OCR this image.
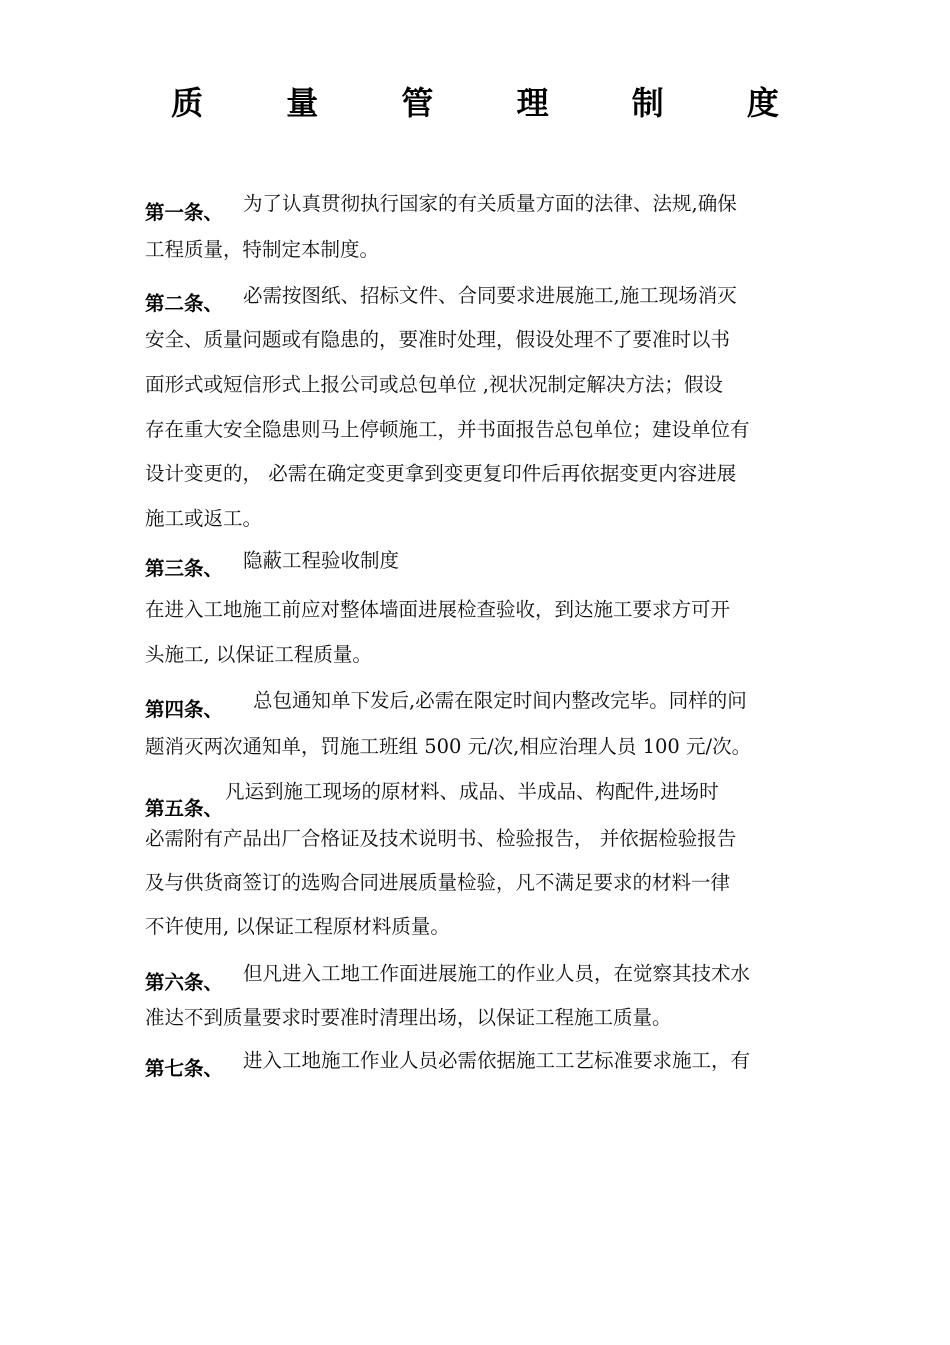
质 量 管 理 制 度
第一条、 为了认真贯彻执行国家的有关质量方面的法律、法规,确保
工程质量，特制定本制度。
第二条、 必需按图纸、招标文件、合同要求进展施工,施工现场消灭
安全、质量问题或有隐患的，要准时处理，假设处理不了要准时以书
面形式或短信形式上报公司或总包单位 ,视状况制定解决方法；假设
存在重大安全隐患则马上停顿施工，并书面报告总包单位；建设单位有
设计变更的， 必需在确定变更拿到变更复印件后再依据变更内容进展
施工或返工。
第三条、 隐蔽工程验收制度
在进入工地施工前应对整体墙面进展检查验收，到达施工要求方可开
头施工, 以保证工程质量。
第四条、 总包通知单下发后,必需在限定时间内整改完毕。同样的问
题消灭两次通知单，罚施工班组 500 元/次,相应治理人员 100 元/次。
第五条、
凡运到施工现场的原材料、成品、半成品、构配件,进场时
必需附有产品出厂合格证及技术说明书、检验报告， 并依据检验报告
及与供货商签订的选购合同进展质量检验，凡不满足要求的材料一律
不许使用, 以保证工程原材料质量。
第六条、 但凡进入工地工作面进展施工的作业人员，在觉察其技术水
准达不到质量要求时要准时清理出场，以保证工程施工质量。
第七条、 进入工地施工作业人员必需依据施工工艺标准要求施工，有
